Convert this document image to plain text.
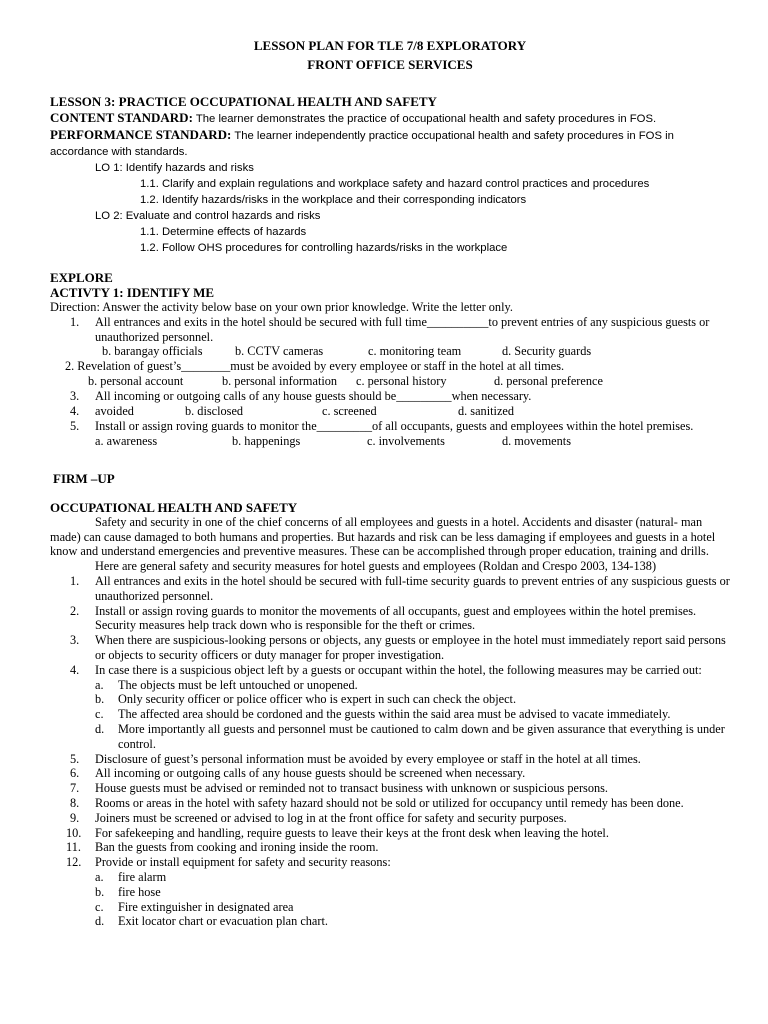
LESSON PLAN FOR TLE 7/8 EXPLORATORY
FRONT OFFICE SERVICES
LESSON 3: PRACTICE OCCUPATIONAL HEALTH AND SAFETY
CONTENT STANDARD: The learner demonstrates the practice of occupational health and safety procedures in FOS. PERFORMANCE STANDARD: The learner independently practice occupational health and safety procedures in FOS in accordance with standards.
LO 1: Identify hazards and risks
1.1. Clarify and explain regulations and workplace safety and hazard control practices and procedures
1.2. Identify hazards/risks in the workplace and their corresponding indicators
LO 2: Evaluate and control hazards and risks
1.1. Determine effects of hazards
1.2. Follow OHS procedures for controlling hazards/risks in the workplace
EXPLORE
ACTIVTY 1: IDENTIFY ME
Direction: Answer the activity below base on your own prior knowledge. Write the letter only.
1. All entrances and exits in the hotel should be secured with full time__________to prevent entries of any suspicious guests or unauthorized personnel.
b. barangay officials	b. CCTV cameras	c. monitoring team	d. Security guards
2. Revelation of guest’s________must be avoided by every employee or staff in the hotel at all times.
b. personal account	b. personal information c. personal history	d. personal preference
3. All incoming or outgoing calls of any house guests should be_________when necessary.
4. avoided	b. disclosed	c. screened	d. sanitized
5. Install or assign roving guards to monitor the_________of all occupants, guests and employees within the hotel premises.
a. awareness	b. happenings	c. involvements	d. movements
FIRM –UP
OCCUPATIONAL HEALTH AND SAFETY
Safety and security in one of the chief concerns of all employees and guests in a hotel. Accidents and disaster (natural- man made) can cause damaged to both humans and properties. But hazards and risk can be less damaging if employees and guests in a hotel know and understand emergencies and preventive measures. These can be accomplished through proper education, training and drills.
Here are general safety and security measures for hotel guests and employees (Roldan and Crespo 2003, 134-138)
1. All entrances and exits in the hotel should be secured with full-time security guards to prevent entries of any suspicious guests or unauthorized personnel.
2. Install or assign roving guards to monitor the movements of all occupants, guest and employees within the hotel premises. Security measures help track down who is responsible for the theft or crimes.
3. When there are suspicious-looking persons or objects, any guests or employee in the hotel must immediately report said persons or objects to security officers or duty manager for proper investigation.
4. In case there is a suspicious object left by a guests or occupant within the hotel, the following measures may be carried out:
a. The objects must be left untouched or unopened.
b. Only security officer or police officer who is expert in such can check the object.
c. The affected area should be cordoned and the guests within the said area must be advised to vacate immediately.
d. More importantly all guests and personnel must be cautioned to calm down and be given assurance that everything is under control.
5. Disclosure of guest’s personal information must be avoided by every employee or staff in the hotel at all times.
6. All incoming or outgoing calls of any house guests should be screened when necessary.
7. House guests must be advised or reminded not to transact business with unknown or suspicious persons.
8. Rooms or areas in the hotel with safety hazard should not be sold or utilized for occupancy until remedy has been done.
9. Joiners must be screened or advised to log in at the front office for safety and security purposes.
10. For safekeeping and handling, require guests to leave their keys at the front desk when leaving the hotel.
11. Ban the guests from cooking and ironing inside the room.
12. Provide or install equipment for safety and security reasons:
a. fire alarm
b. fire hose
c. Fire extinguisher in designated area
d. Exit locator chart or evacuation plan chart.
